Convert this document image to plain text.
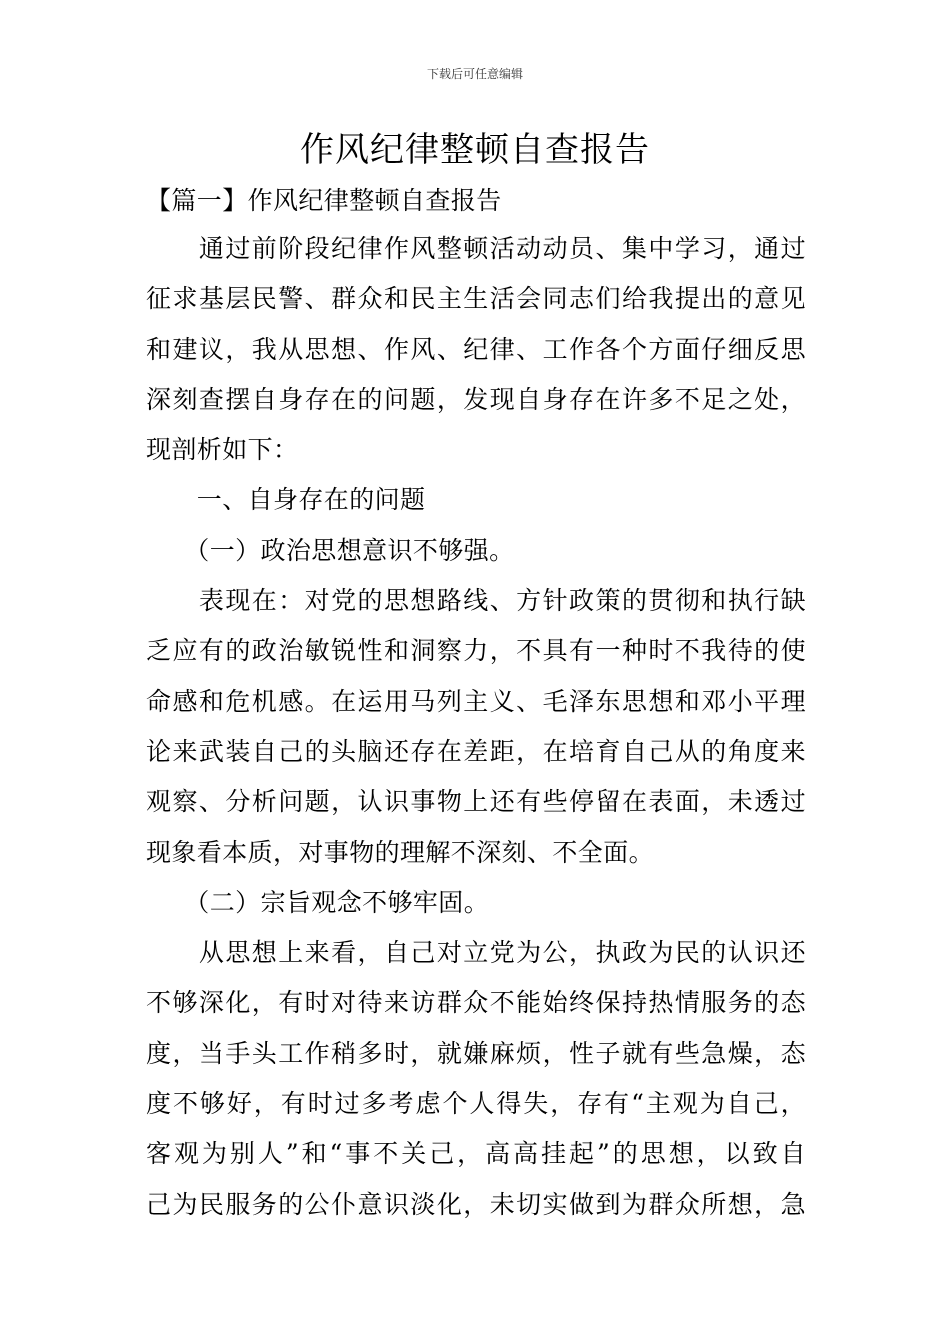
下载后可任意编辑
作风纪律整顿自查报告
【篇一】作风纪律整顿自查报告
　　通过前阶段纪律作风整顿活动动员、集中学习，通过
征求基层民警、群众和民主生活会同志们给我提出的意见
和建议，我从思想、作风、纪律、工作各个方面仔细反思
深刻查摆自身存在的问题，发现自身存在许多不足之处，
现剖析如下：
　　一、自身存在的问题
　　（一）政治思想意识不够强。
　　表现在：对党的思想路线、方针政策的贯彻和执行缺
乏应有的政治敏锐性和洞察力，不具有一种时不我待的使
命感和危机感。在运用马列主义、毛泽东思想和邓小平理
论来武装自己的头脑还存在差距，在培育自己从的角度来
观察、分析问题，认识事物上还有些停留在表面，未透过
现象看本质，对事物的理解不深刻、不全面。
　　（二）宗旨观念不够牢固。
　　从思想上来看，自己对立党为公，执政为民的认识还
不够深化，有时对待来访群众不能始终保持热情服务的态
度，当手头工作稍多时，就嫌麻烦，性子就有些急燥，态
度不够好，有时过多考虑个人得失，存有“主观为自己，
客观为别人”和“事不关己，高高挂起”的思想，以致自
己为民服务的公仆意识淡化，未切实做到为群众所想，急
